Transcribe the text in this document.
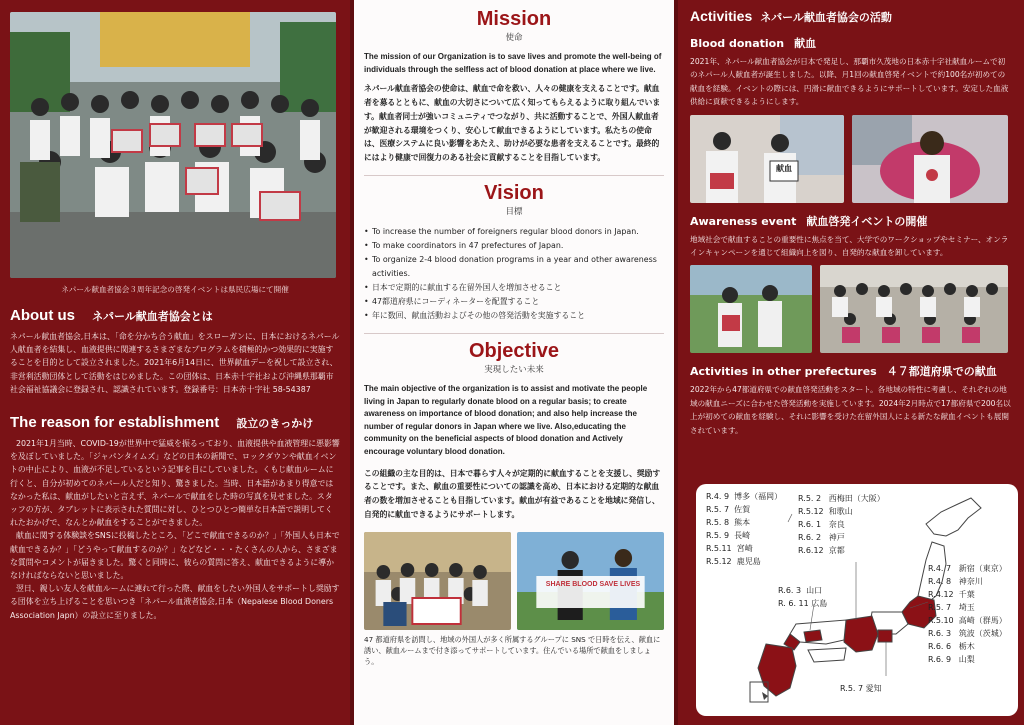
ネパール献血者協会３周年記念の啓発イベントは県民広場にて開催
About us ネパール献血者協会とは

ネパール献血者協会,日本は、「命を分かち合う献血」をスローガンに、日本におけるネパール人献血者を結集し、血液提供に関連するさまざまなプログラムを積極的かつ効果的に実施することを目的として設立されました。2021年6月14日に、世界献血デーを祝して設立され、非営利活動団体として活動をはじめました。この団体は、日本赤十字社および沖縄県那覇市社会福祉協議会に登録され、認識されています。登録番号：日本赤十字社 58-54387

The reason for establishment 設立のきっかけ

2021年1月当時、COVID-19が世界中で猛威を振るっており、血液提供や血液管理に悪影響を及ぼしていました。「ジャパンタイムズ」などの日本の新聞で、ロックダウンや献血イベントの中止により、血液が不足しているという記事を目にしていました。くもじ献血ルームに行くと、自分が初めてのネパール人だと知り、驚きました。当時、日本語があまり得意ではなかった私は、献血がしたいと言えず、ネパールで献血をした時の写真を見せました。スタッフの方が、タブレットに表示された質問に対し、ひとつひとつ簡単な日本語で説明してくれたおかげで、なんとか献血をすることができました。

献血に関する体験談をSNSに投稿したところ、「どこで献血できるのか？」「外国人も日本で献血できるか？」「どうやって献血するのか？」などなど・・・たくさんの人から、さまざまな質問やコメントが届きました。驚くと同時に、彼らの質問に答え、献血できるように導かなければならないと思いました。

翌日、親しい友人を献血ルームに連れて行った際、献血をしたい外国人をサポートし奨励する団体を立ち上げることを思いつき「ネパール血液者協会,日本（Nepalese Blood Doners Association Japn）の設立に至りました。

Mission
使命

The mission of our Organization is to save lives and promote the well-being of individuals through the selfless act of blood donation at place where we live.

ネパール献血者協会の使命は、献血で命を救い、人々の健康を支えることです。献血者を募るとともに、献血の大切さについて広く知ってもらえるように取り組んでいます。献血者同士が強いコミュニティでつながり、共に活動することで、外国人献血者が歓迎される環境をつくり、安心して献血できるようにしています。私たちの使命は、医療システムに良い影響をあたえ、助けが必要な患者を支えることです。最終的にはより健康で回復力のある社会に貢献することを目指しています。

Vision
目標
• To increase the number of foreigners regular blood donors in Japan.
• To make coordinators in 47 prefectures of Japan.
• To organize 2-4 blood donation programs in a year and other awareness activities.
• 日本で定期的に献血する在留外国人を増加させること
• 47都道府県にコーディネーターを配置すること
• 年に数回、献血活動およびその他の啓発活動を実施すること
Objective
実現したい未来

The main objective of the organization is to assist and motivate the people living in Japan to regularly donate blood on a regular basis; to create awareness on importance of blood donation; and also help increase the number of regular donors in Japan where we live. Also,educating the community on the beneficial aspects of blood donation and Actively encourage voluntary blood donation.

この組織の主な目的は、日本で暮らす人々が定期的に献血することを支援し、奨励することです。また、献血の重要性についての認識を高め、日本における定期的な献血者の数を増加させることも目指しています。献血が有益であることを地域に発信し、自発的に献血できるようにサポートします。

SHARE BLOOD SAVE LIVES

47 都道府県を訪問し、地域の外国人が多く所属するグループに SNS で日時を伝え、献血に誘い、献血ルームまで付き添ってサポートしています。住んでいる場所で献血をしましょう。

Activities ネパール献血者協会の活動
Blood donation 献血

2021年、ネパール献血者協会が日本で発足し、那覇市久茂地の日本赤十字社献血ルームで初のネパール人献血者が誕生しました。以降、月1回の献血啓発イベントで約100名が初めての献血を経験。イベントの際には、円滑に献血できるようにサポートしています。安定した血液供給に貢献できるようにします。

献血
Awareness event 献血啓発イベントの開催

地域社会で献血することの重要性に焦点を当て、大学でのワークショップやセミナー、オンラインキャンペーンを通じて組織向上を図り、自発的な献血を卸しています。

Activities in other prefectures ４７都道府県での献血

2022年から47都道府県での献血啓発活動をスタート。各地域の特性に考慮し、それぞれの地域の献血ニーズに合わせた啓発活動を実施しています。2024年2月時点で17都府県で200名以上が初めての献血を経験し、それに影響を受けた在留外国人による新たな献血イベントも展開されています。

R.4. 9  博多（福岡）
R.5. 7  佐賀
R.5. 8  熊本
R.5. 9  長崎
R.5.11  宮崎
R.5.12  鹿児島
R.5. 2   西梅田（大阪）
R.5.12  和歌山
R.6. 1   奈良
R.6. 2   神戸
R.6.12  京都
R.6. 3  山口
R. 6. 11 広島
R.4. 7   新宿（東京）
R.4. 8   神奈川
R.4.12  千葉
R.5. 7   埼玉
R.5.10  高崎（群馬）
R.6. 3   筑波（茨城）
R.6. 6   栃木
R.6. 9   山梨
R.5. 7 愛知
